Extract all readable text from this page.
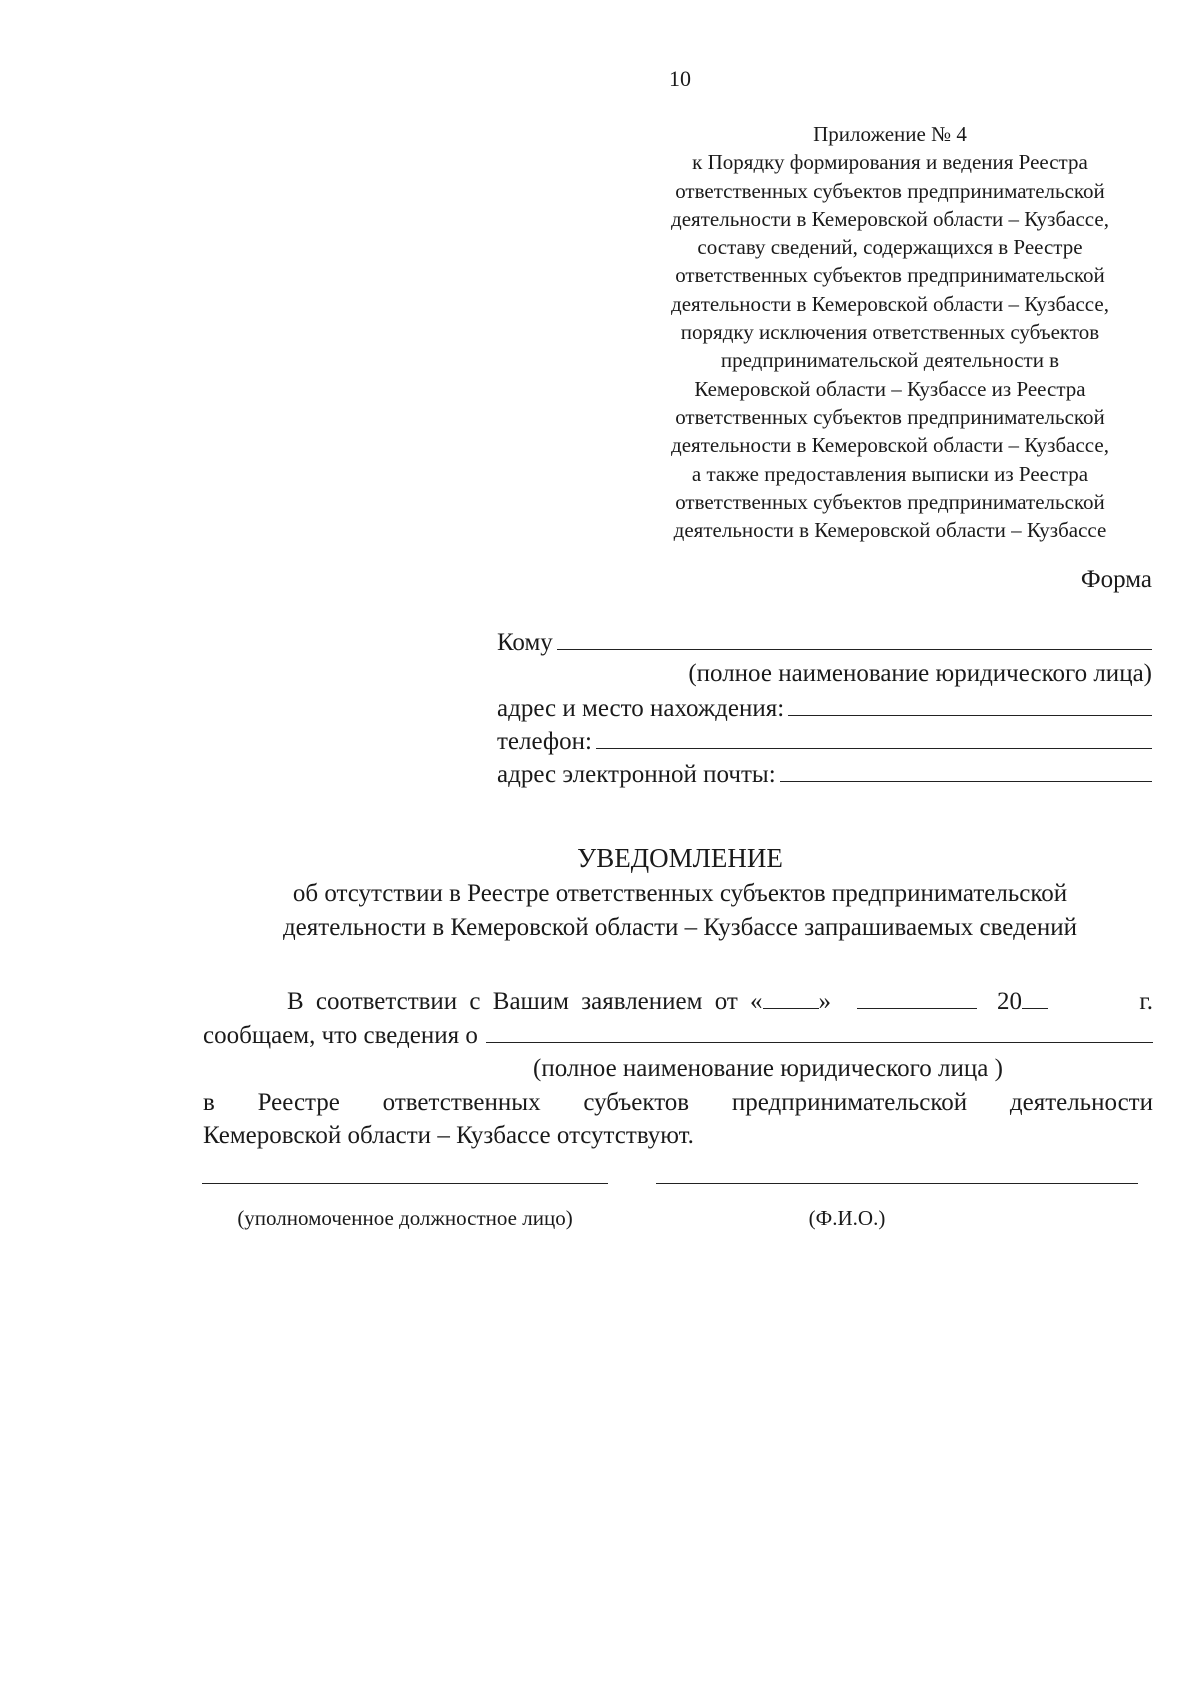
10
Приложение № 4
к Порядку формирования и ведения Реестра
ответственных субъектов предпринимательской
деятельности в Кемеровской области – Кузбассе,
составу сведений, содержащихся в Реестре
ответственных субъектов предпринимательской
деятельности в Кемеровской области – Кузбассе,
порядку исключения ответственных субъектов
предпринимательской деятельности в
Кемеровской области – Кузбассе из Реестра
ответственных субъектов предпринимательской
деятельности в Кемеровской области – Кузбассе,
а также предоставления выписки из Реестра
ответственных субъектов предпринимательской
деятельности в Кемеровской области – Кузбассе
Форма
Кому
(полное наименование юридического лица)
адрес и место нахождения:
телефон:
адрес электронной почты:
УВЕДОМЛЕНИЕ
об отсутствии в Реестре ответственных субъектов предпринимательской
деятельности в Кемеровской области – Кузбассе запрашиваемых сведений
В соответствии с Вашим заявлением от « »	20	г.
сообщаем, что сведения о
(полное наименование юридического лица )
в Реестре ответственных субъектов предпринимательской деятельности
Кемеровской области – Кузбассе отсутствуют.
(уполномоченное должностное лицо)	(Ф.И.О.)
